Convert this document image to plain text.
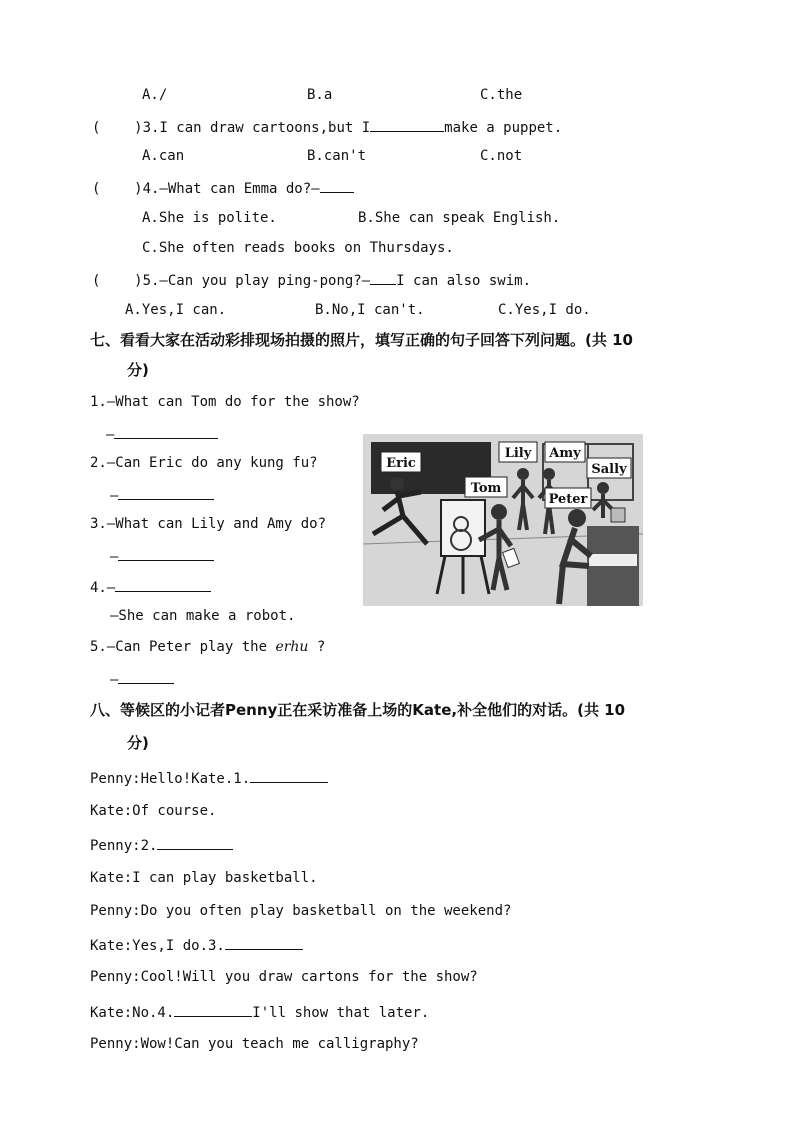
A./	B.a	C.the
(    )3.I can draw cartoons,but I	make a puppet.
A.can	B.can't	C.not
(    )4.—What can Emma do?—
A.She is polite.	B.She can speak English.
C.She often reads books on Thursdays.
(    )5.—Can you play ping-pong?— I can also swim.
A.Yes,I can.	B.No,I can't.	C.Yes,I do.
七、看看大家在活动彩排现场拍摄的照片，填写正确的句子回答下列问题。(共 10
分)
1.—What can Tom do for the show?
—
2.—Can Eric do any kung fu?
—
3.—What can Lily and Amy do?
—
4.—
—She can make a robot.
5.—Can Peter play the erhu ?
—
Eric
Lily Amy
Sally
Tom
Peter
八、等候区的小记者Penny正在采访准备上场的Kate,补全他们的对话。(共 10
分)
Penny:Hello!Kate.1.
Kate:Of course.
Penny:2.
Kate:I can play basketball.
Penny:Do you often play basketball on the weekend?
Kate:Yes,I do.3.
Penny:Cool!Will you draw cartons for the show?
Kate:No.4.	I'll show that later.
Penny:Wow!Can you teach me calligraphy?
